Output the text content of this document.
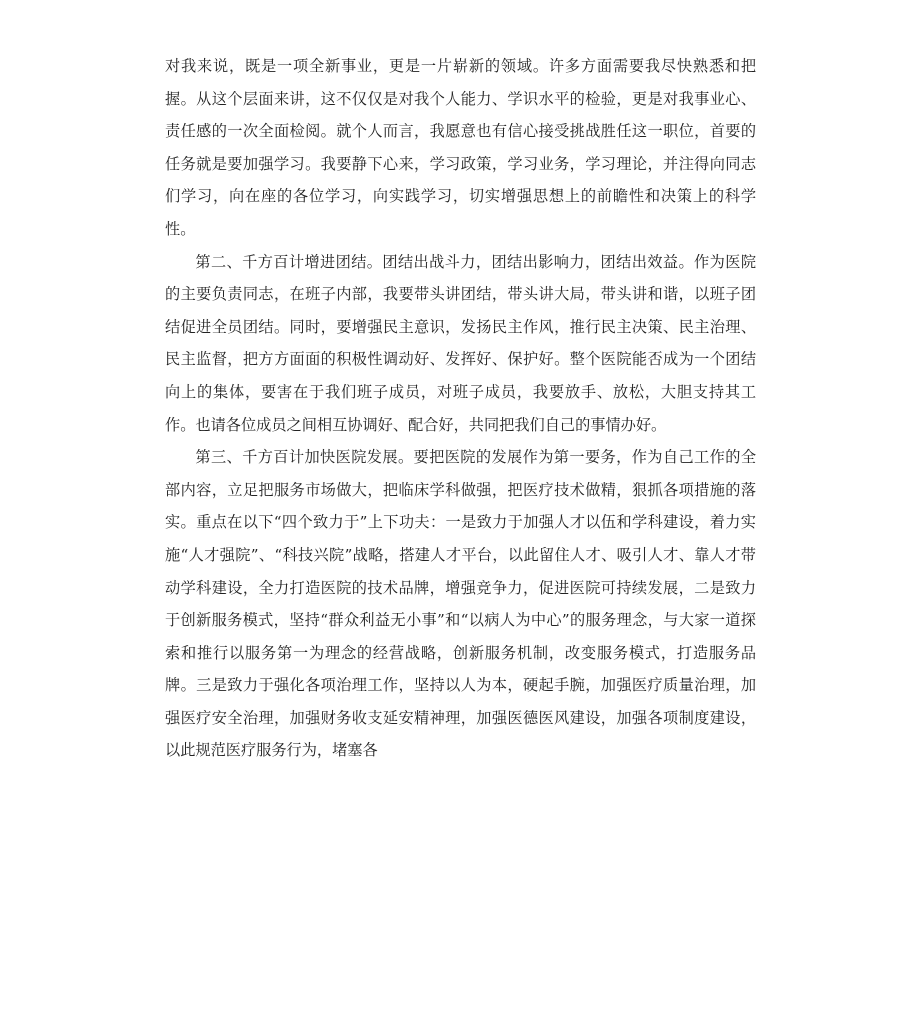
对我来说，既是一项全新事业，更是一片崭新的领域。许多方面需要我尽快熟悉和把握。从这个层面来讲，这不仅仅是对我个人能力、学识水平的检验，更是对我事业心、责任感的一次全面检阅。就个人而言，我愿意也有信心接受挑战胜任这一职位，首要的任务就是要加强学习。我要静下心来，学习政策，学习业务，学习理论，并注得向同志们学习，向在座的各位学习，向实践学习，切实增强思想上的前瞻性和决策上的科学性。

第二、千方百计增进团结。团结出战斗力，团结出影响力，团结出效益。作为医院的主要负责同志，在班子内部，我要带头讲团结，带头讲大局，带头讲和谐，以班子团结促进全员团结。同时，要增强民主意识，发扬民主作风，推行民主决策、民主治理、民主监督，把方方面面的积极性调动好、发挥好、保护好。整个医院能否成为一个团结向上的集体，要害在于我们班子成员，对班子成员，我要放手、放松，大胆支持其工作。也请各位成员之间相互协调好、配合好，共同把我们自己的事情办好。

第三、千方百计加快医院发展。要把医院的发展作为第一要务，作为自己工作的全部内容，立足把服务市场做大，把临床学科做强，把医疗技术做精，狠抓各项措施的落实。重点在以下“四个致力于”上下功夫：一是致力于加强人才以伍和学科建设，着力实施“人才强院”、“科技兴院”战略，搭建人才平台，以此留住人才、吸引人才、靠人才带动学科建设，全力打造医院的技术品牌，增强竞争力，促进医院可持续发展，二是致力于创新服务模式，坚持“群众利益无小事”和“以病人为中心”的服务理念，与大家一道探索和推行以服务第一为理念的经营战略，创新服务机制，改变服务模式，打造服务品牌。三是致力于强化各项治理工作，坚持以人为本，硬起手腕，加强医疗质量治理，加强医疗安全治理，加强财务收支延安精神理，加强医德医风建设，加强各项制度建设，以此规范医疗服务行为，堵塞各
